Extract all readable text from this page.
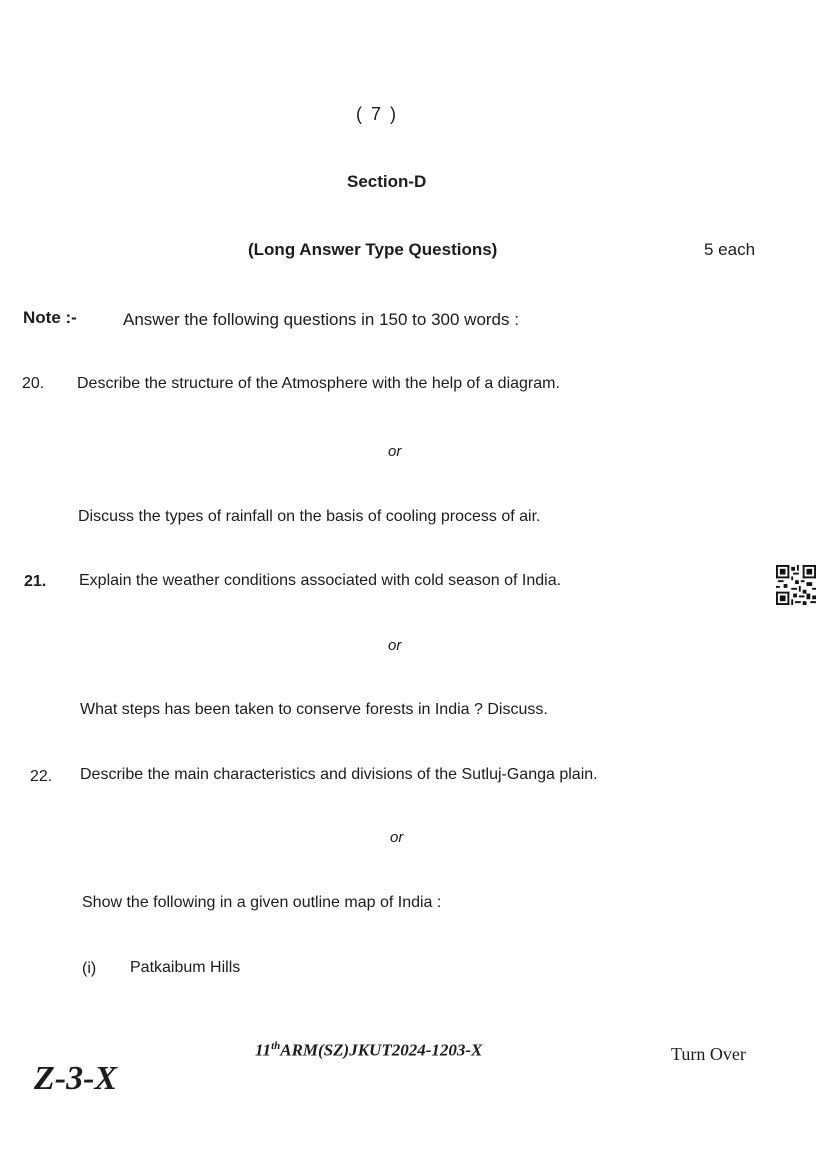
( 7 )
Section-D
(Long Answer Type Questions)	5 each
Note :-	Answer the following questions in 150 to 300 words :
20. Describe the structure of the Atmosphere with the help of a diagram.
or
Discuss the types of rainfall on the basis of cooling process of air.
21. Explain the weather conditions associated with cold season of India.
or
What steps has been taken to conserve forests in India ? Discuss.
22. Describe the main characteristics and divisions of the Sutluj-Ganga plain.
or
Show the following in a given outline map of India :
(i) Patkaibum Hills
11thARM(SZ)JKUT2024-1203-X	Turn Over
Z-3-X
